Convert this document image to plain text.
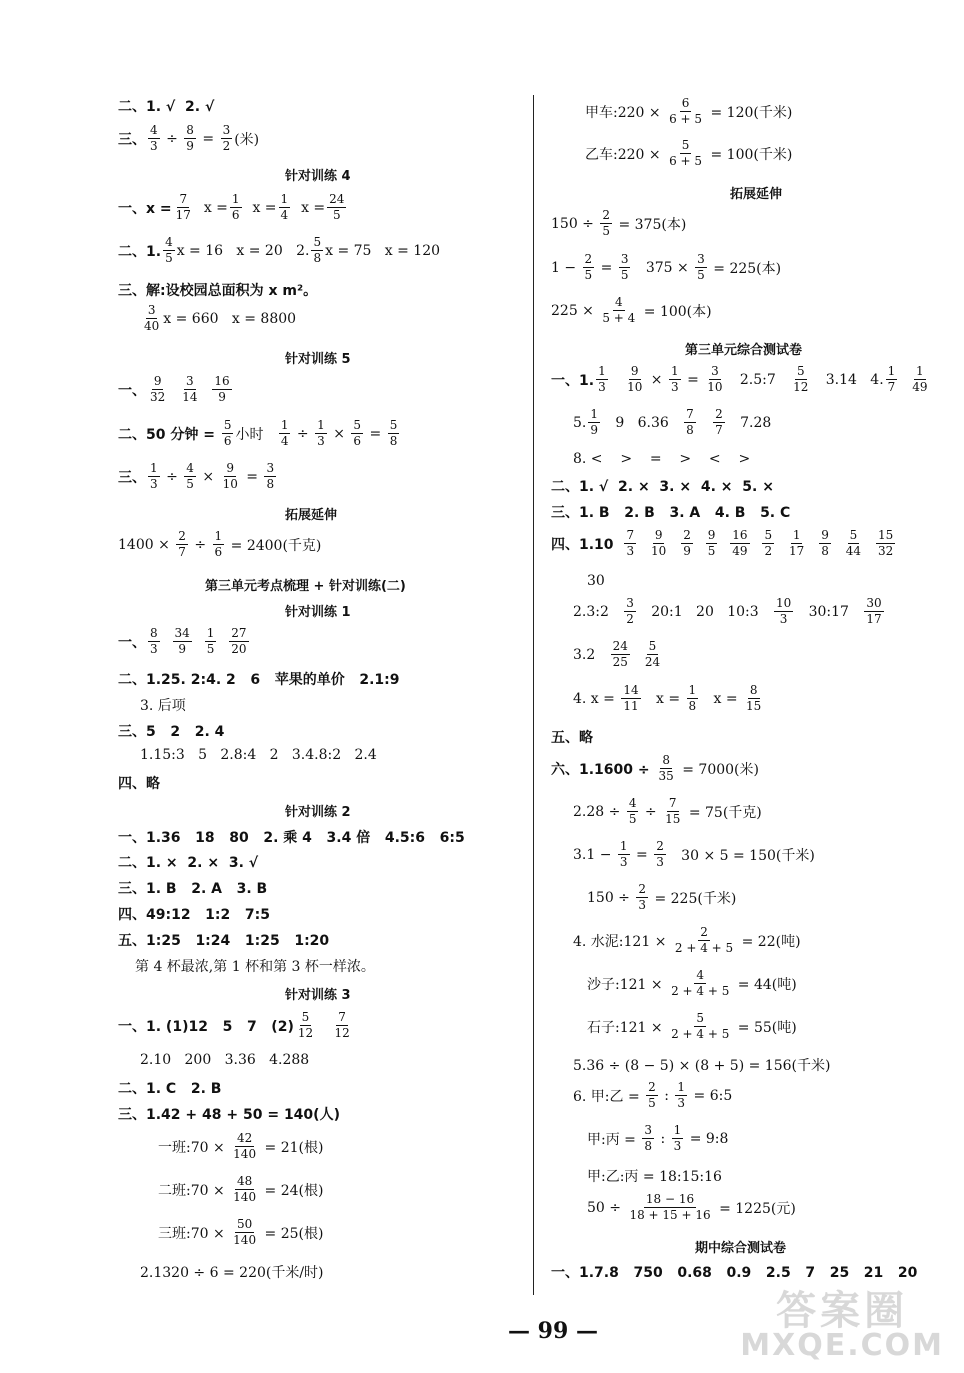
二、1. √  2. √
三、 $\frac{4}{3} \div \frac{8}{9} = \frac{3}{2}$ (米)
针对训练 4
一、$x = \frac{7}{17}$ $x = \frac{1}{6}$ $x = \frac{1}{4}$ $x = \frac{24}{5}$
二、1. $\frac{4}{5}$ x = 16   x = 20   2. $\frac{5}{8}$ x = 75   x = 120
三、解:设校园总面积为 x m²。
$\frac{3}{40}$ x = 660   x = 8800
针对训练 5
一、 $\frac{9}{32}$
$\frac{3}{14}$
$\frac{16}{9}$
二、50 分钟 = $\frac{5}{6}$ 小时 $\frac{1}{4} \div \frac{1}{3} \times \frac{5}{6} = \frac{5}{8}$
三、 $\frac{1}{3} \div \frac{4}{5} \times \frac{9}{10} = \frac{3}{8}$
拓展延伸
$1400 \times \frac{2}{7} \div \frac{1}{6} = 2400$(千克)
第三单元考点梳理 + 针对训练(二)
针对训练 1
一、 $\frac{8}{3}$
$\frac{34}{9}$
$\frac{1}{5}$
$\frac{27}{20}$
二、1.25. 2:4. 2   6   苹果的单价   2.1:9
3. 后项
三、5   2   2. 4
1.15:3   5   2.8:4   2   3.4.8:2   2.4
四、略
针对训练 2
一、1.36   18   80   2. 乘 4   3.4 倍   4.5:6   6:5
二、1. ×  2. ×  3. √
三、1. B   2. A   3. B
四、49:12   1:2   7:5
五、1:25   1:24   1:25   1:20
第 4 杯最浓,第 1 杯和第 3 杯一样浓。
针对训练 3
一、1. (1)12   5   7   $(2) \frac{5}{12}$
$\frac{7}{12}$
2.10   200   3.36   4.288
二、1. C   2. B
三、1.42 + 48 + 50 = 140(人)
一班:70 × $\frac{42}{140} = 21$(根)
二班:70 × $\frac{48}{140} = 24$(根)
三班:70 × $\frac{50}{140} = 25$(根)
2.1320 ÷ 6 = 220(千米/时)
甲车:220 × $\frac{6}{6 + 5} = 120$(千米)
乙车:220 × $\frac{5}{6 + 5} = 100$(千米)
拓展延伸
$150 \div \frac{2}{5} = 375$(本)
$1 - \frac{2}{5} = \frac{3}{5} 375 \times \frac{3}{5} = 225$(本)
$225 \times \frac{4}{5 + 4} = 100$(本)
第三单元综合测试卷
一、1. $\frac{1}{3}$
$\frac{9}{10} \times \frac{1}{3} = \frac{3}{10}$ 2.5:7 $\frac{5}{12} 3.14$   4. $\frac{1}{7}$
$\frac{1}{49}$
5. $\frac{1}{9} 9$   $6.36 \frac{7}{8}$
$\frac{2}{7} 7.28$
8. <    >    =    >    <    >
二、1. √  2. ×  3. ×  4. ×  5. ×
三、1. B   2. B   3. A   4. B   5. C
四、1.10
$\frac{7}{3}$
$\frac{9}{10}$
$\frac{2}{9}$
$\frac{9}{5}$
$\frac{16}{49}$
$\frac{5}{2}$
$\frac{1}{17}$
$\frac{9}{8}$
$\frac{5}{44}$
$\frac{15}{32}$
30
2.3:2 $\frac{3}{2}$ 20:1   20   10:3 $\frac{10}{3}$ 30:17 $\frac{30}{17}$
$3.2 \frac{24}{25}$
$\frac{5}{24}$
4. $x = \frac{14}{11}$ $x = \frac{1}{8}$ $x = \frac{8}{15}$
五、略
六、$1.1600 \div \frac{8}{35} = 7000$(米)
$2.28 \div \frac{4}{5} \div \frac{7}{15} = 75$(千克)
$3.1 - \frac{1}{3} = \frac{2}{3} 30 \times 5 = 150$(千米)
$150 \div \frac{2}{3} = 225$(千米)
4. 水泥:121 × $\frac{2}{2 + 4 + 5} = 22$(吨)
沙子:121 × $\frac{4}{2 + 4 + 5} = 44$(吨)
石子:121 × $\frac{5}{2 + 4 + 5} = 55$(吨)
5.36 ÷ (8 − 5) × (8 + 5) = 156(千米)
6. 甲:乙 = $\frac{2}{5}$ : $\frac{1}{3}$ = 6:5
甲:丙 = $\frac{3}{8}$ : $\frac{1}{3}$ = 9:8
甲:乙:丙 = 18:15:16
$50 \div \frac{18 - 16}{18 + 15 + 16} = 1225$(元)
期中综合测试卷
一、1.7.8   750   0.68   0.9   2.5   7   25   21   20
— 99 —	答案圈
MXQE.COM
